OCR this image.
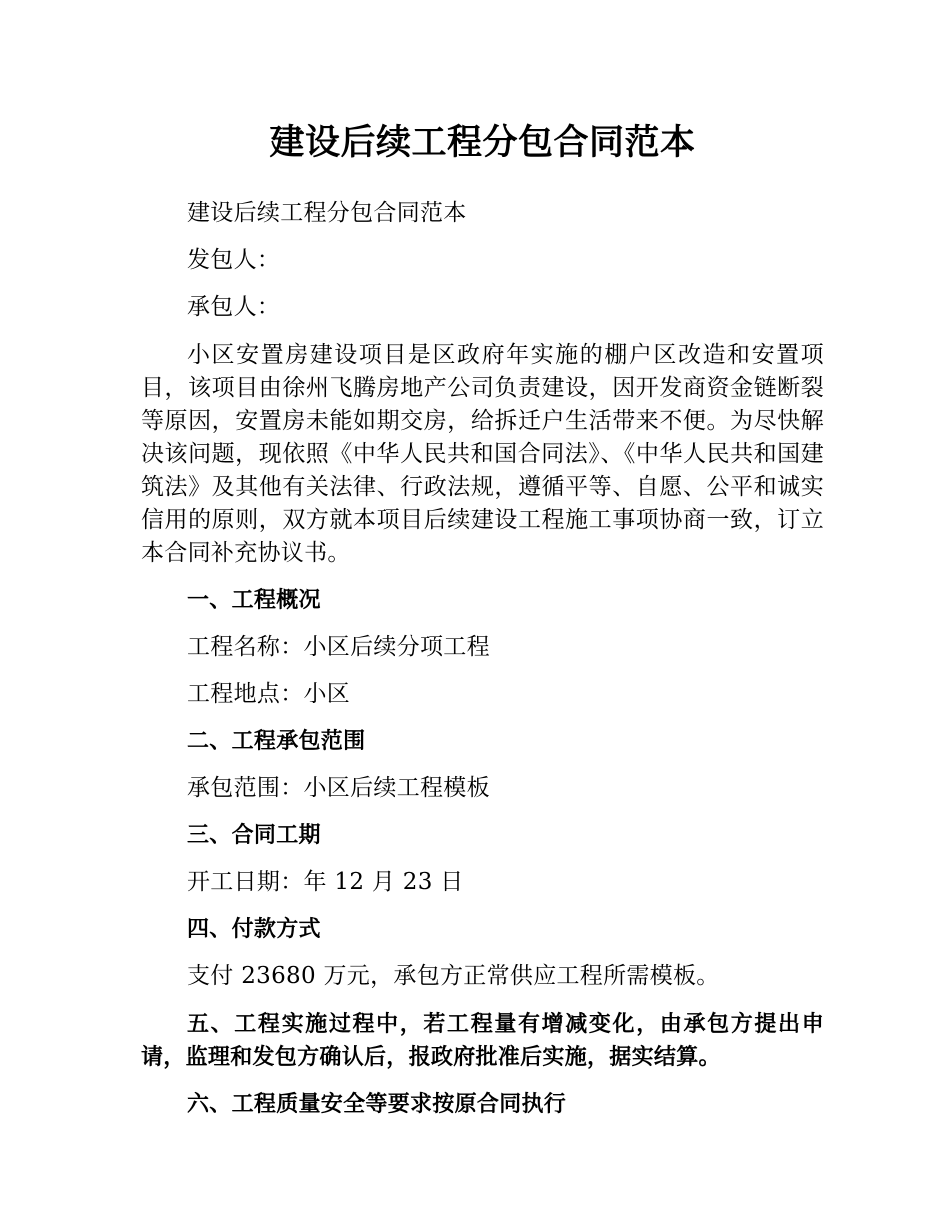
建设后续工程分包合同范本

建设后续工程分包合同范本

发包人：

承包人：

小区安置房建设项目是区政府年实施的棚户区改造和安置项目，该项目由徐州飞腾房地产公司负责建设，因开发商资金链断裂等原因，安置房未能如期交房，给拆迁户生活带来不便。为尽快解决该问题，现依照《中华人民共和国合同法》、《中华人民共和国建筑法》及其他有关法律、行政法规，遵循平等、自愿、公平和诚实信用的原则，双方就本项目后续建设工程施工事项协商一致，订立本合同补充协议书。

一、工程概况

工程名称：小区后续分项工程

工程地点：小区

二、工程承包范围

承包范围：小区后续工程模板

三、合同工期

开工日期：年 12 月 23 日

四、付款方式

支付 23680 万元，承包方正常供应工程所需模板。

五、工程实施过程中，若工程量有增减变化，由承包方提出申请，监理和发包方确认后，报政府批准后实施，据实结算。

六、工程质量安全等要求按原合同执行
